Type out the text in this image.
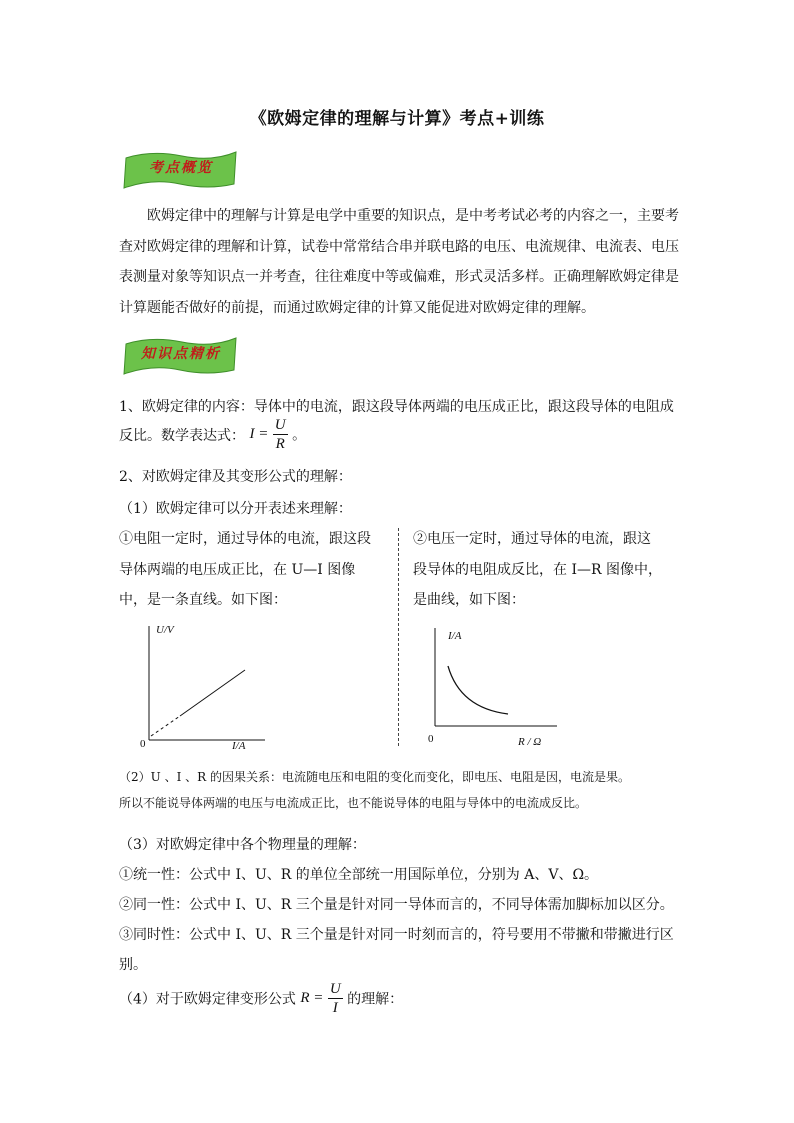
《欧姆定律的理解与计算》考点+训练
考点概览
欧姆定律中的理解与计算是电学中重要的知识点，是中考考试必考的内容之一，主要考
查对欧姆定律的理解和计算，试卷中常常结合串并联电路的电压、电流规律、电流表、电压
表测量对象等知识点一并考查，往往难度中等或偏难，形式灵活多样。正确理解欧姆定律是
计算题能否做好的前提，而通过欧姆定律的计算又能促进对欧姆定律的理解。
知识点精析
1、欧姆定律的内容：导体中的电流，跟这段导体两端的电压成正比，跟这段导体的电阻成
反比。数学表达式： $I = \frac{U}{R}$ 。
2、对欧姆定律及其变形公式的理解：
（1）欧姆定律可以分开表述来理解：
①电阻一定时，通过导体的电流，跟这段
导体两端的电压成正比，在 U—I 图像
中，是一条直线。如下图：
②电压一定时，通过导体的电流，跟这
段导体的电阻成反比，在 I—R 图像中，
是曲线，如下图：
U/V
0	I/A
I/A
0	R / Ω
（2）U 、I 、R 的因果关系：电流随电压和电阻的变化而变化，即电压、电阻是因，电流是果。
所以不能说导体两端的电压与电流成正比，也不能说导体的电阻与导体中的电流成反比。
（3）对欧姆定律中各个物理量的理解：
①统一性：公式中 I、U、R 的单位全部统一用国际单位，分别为 A、V、Ω。
②同一性：公式中 I、U、R 三个量是针对同一导体而言的，不同导体需加脚标加以区分。
③同时性：公式中 I、U、R 三个量是针对同一时刻而言的，符号要用不带撇和带撇进行区
别。
（4）对于欧姆定律变形公式 $R = \frac{U}{I}$ 的理解：
